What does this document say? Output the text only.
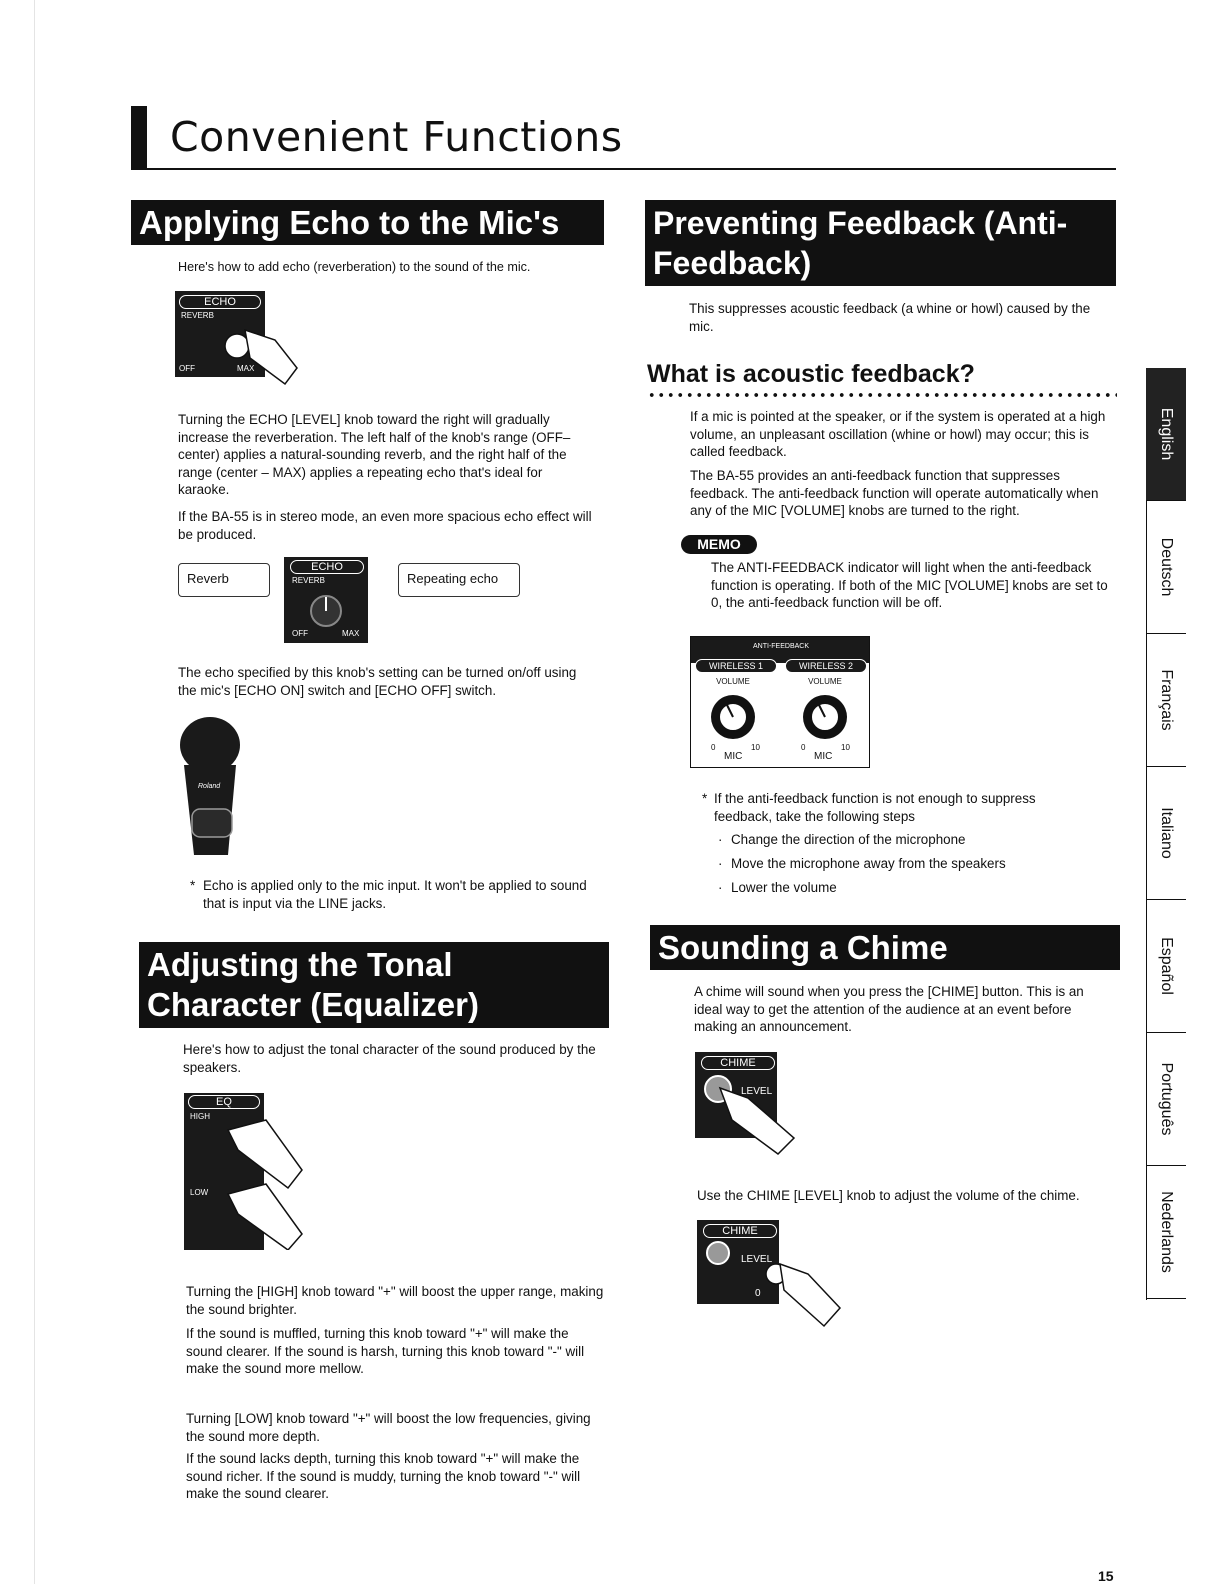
Convenient Functions
Applying Echo to the Mic's Sound
Here's how to add echo (reverberation) to the sound of the mic.
ECHO
REVERB
OFF	MAX
Turning the ECHO [LEVEL] knob toward the right will gradually increase the reverberation. The left half of the knob's range (OFF–center) applies a natural-sounding reverb, and the right half of the range (center – MAX) applies a repeating echo that's ideal for karaoke.
If the BA-55 is in stereo mode, an even more spacious echo effect will be produced.
Reverb
ECHO
REVERB
OFF	MAX
Repeating echo
The echo specified by this knob's setting can be turned on/off using the mic's [ECHO ON] switch and [ECHO OFF] switch.
Roland
* Echo is applied only to the mic input. It won't be applied to sound that is input via the LINE jacks.
Adjusting the Tonal Character (Equalizer)
Here's how to adjust the tonal character of the sound produced by the speakers.
EQ
HIGH
LOW
Turning the [HIGH] knob toward "+" will boost the upper range, making the sound brighter.
If the sound is muffled, turning this knob toward "+" will make the sound clearer. If the sound is harsh, turning this knob toward "-" will make the sound more mellow.
Turning [LOW] knob toward "+" will boost the low frequencies, giving the sound more depth.
If the sound lacks depth, turning this knob toward "+" will make the sound richer. If the sound is muddy, turning the knob toward "-" will make the sound clearer.
Preventing Feedback (Anti-Feedback)
This suppresses acoustic feedback (a whine or howl) caused by the mic.
What is acoustic feedback?
If a mic is pointed at the speaker, or if the system is operated at a high volume, an unpleasant oscillation (whine or howl) may occur; this is called feedback.
The BA-55 provides an anti-feedback function that suppresses feedback. The anti-feedback function will operate automatically when any of the MIC [VOLUME] knobs are turned to the right.
MEMO
The ANTI-FEEDBACK indicator will light when the anti-feedback function is operating. If both of the MIC [VOLUME] knobs are set to 0, the anti-feedback function will be off.
ANTI-FEEDBACK
WIRELESS 1	WIRELESS 2
VOLUME	VOLUME
0	10	0	10
MIC	MIC
* If the anti-feedback function is not enough to suppress feedback, take the following steps
· Change the direction of the microphone
· Move the microphone away from the speakers
· Lower the volume
Sounding a Chime
A chime will sound when you press the [CHIME] button. This is an ideal way to get the attention of the audience at an event before making an announcement.
CHIME
LEVEL
Use the CHIME [LEVEL] knob to adjust the volume of the chime.
CHIME
LEVEL
0
English
Deutsch
Français
Italiano
Español
Português
Nederlands
15
